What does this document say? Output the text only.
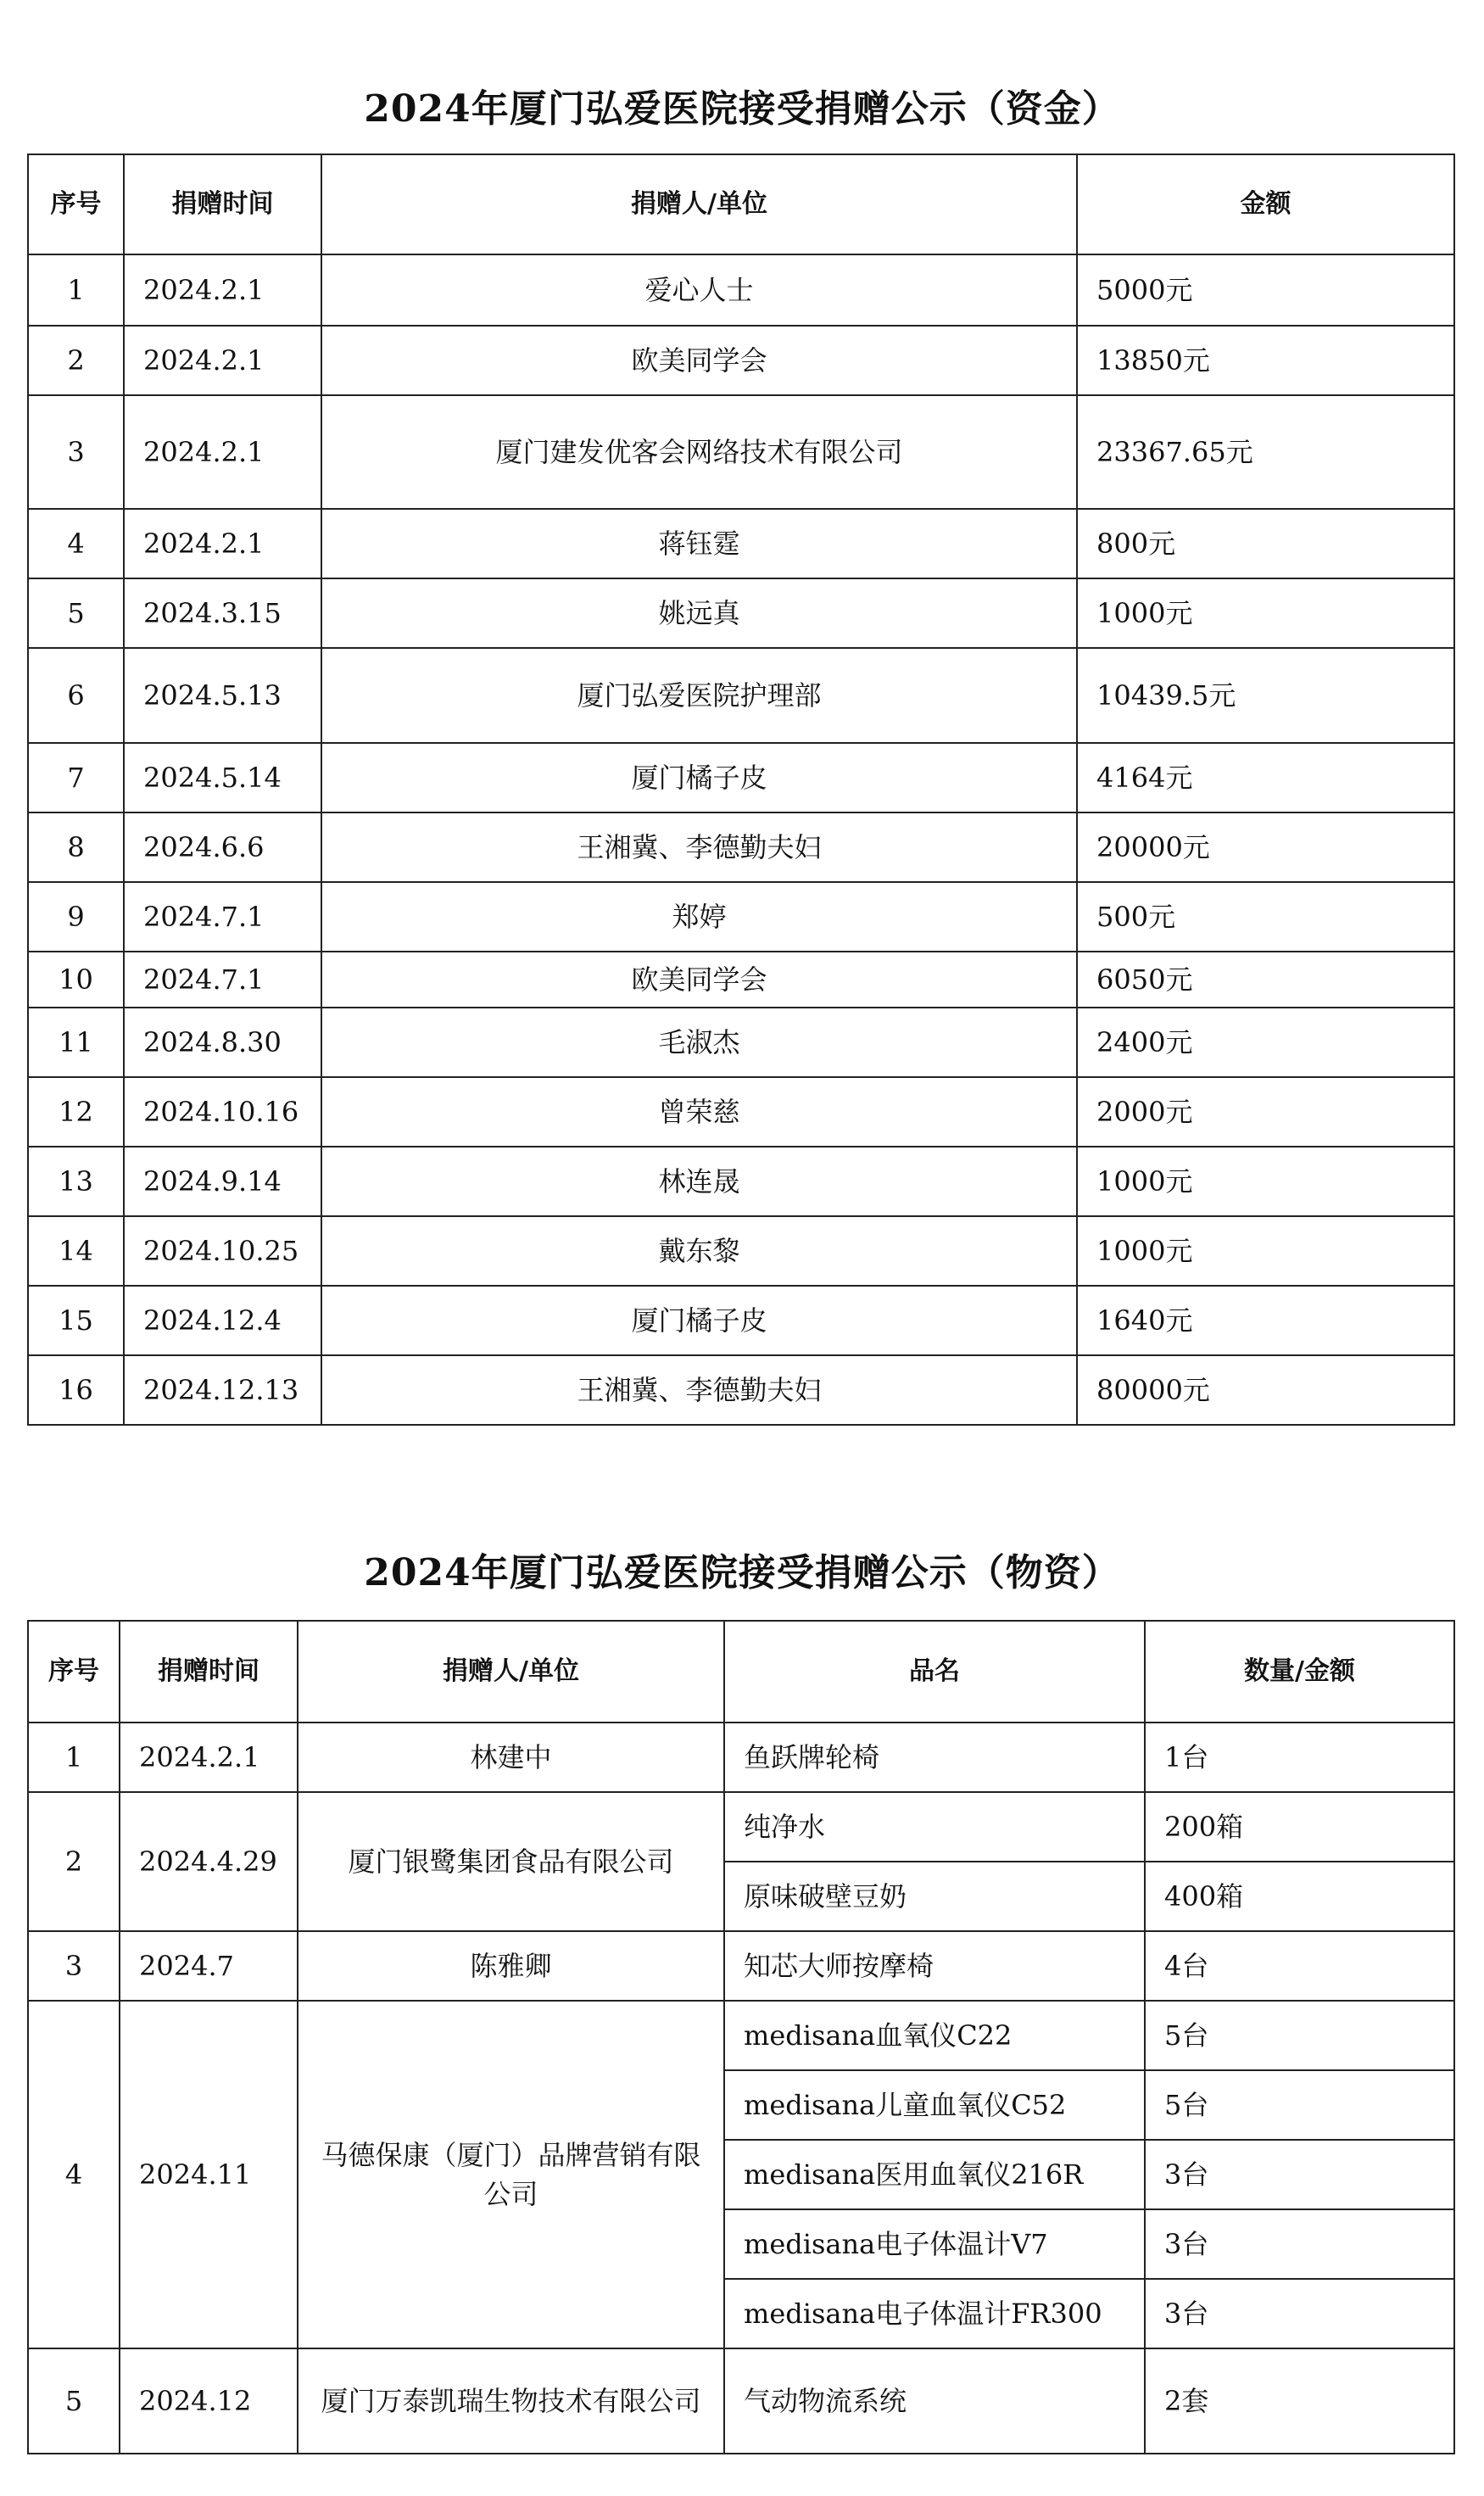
2024年厦门弘爱医院接受捐赠公示（资金）
序号	捐赠时间	捐赠人/单位	金额
1	2024.2.1	爱心人士	5000元
2	2024.2.1	欧美同学会	13850元
3	2024.2.1	厦门建发优客会网络技术有限公司	23367.65元
4	2024.2.1	蒋钰霆	800元
5	2024.3.15	姚远真	1000元
6	2024.5.13	厦门弘爱医院护理部	10439.5元
7	2024.5.14	厦门橘子皮	4164元
8	2024.6.6	王湘冀、李德勤夫妇	20000元
9	2024.7.1	郑婷	500元
10	2024.7.1	欧美同学会	6050元
11	2024.8.30	毛淑杰	2400元
12	2024.10.16	曾荣慈	2000元
13	2024.9.14	林连晟	1000元
14	2024.10.25	戴东黎	1000元
15	2024.12.4	厦门橘子皮	1640元
16	2024.12.13	王湘冀、李德勤夫妇	80000元
2024年厦门弘爱医院接受捐赠公示（物资）
序号	捐赠时间	捐赠人/单位	品名	数量/金额
1	2024.2.1	林建中	鱼跃牌轮椅	1台
2	2024.4.29	厦门银鹭集团食品有限公司	纯净水	200箱
			原味破壁豆奶	400箱
3	2024.7	陈雅卿	知芯大师按摩椅	4台
4	2024.11	马德保康（厦门）品牌营销有限公司	medisana血氧仪C22	5台
			medisana儿童血氧仪C52	5台
			medisana医用血氧仪216R	3台
			medisana电子体温计V7	3台
			medisana电子体温计FR300	3台
5	2024.12	厦门万泰凯瑞生物技术有限公司	气动物流系统	2套
